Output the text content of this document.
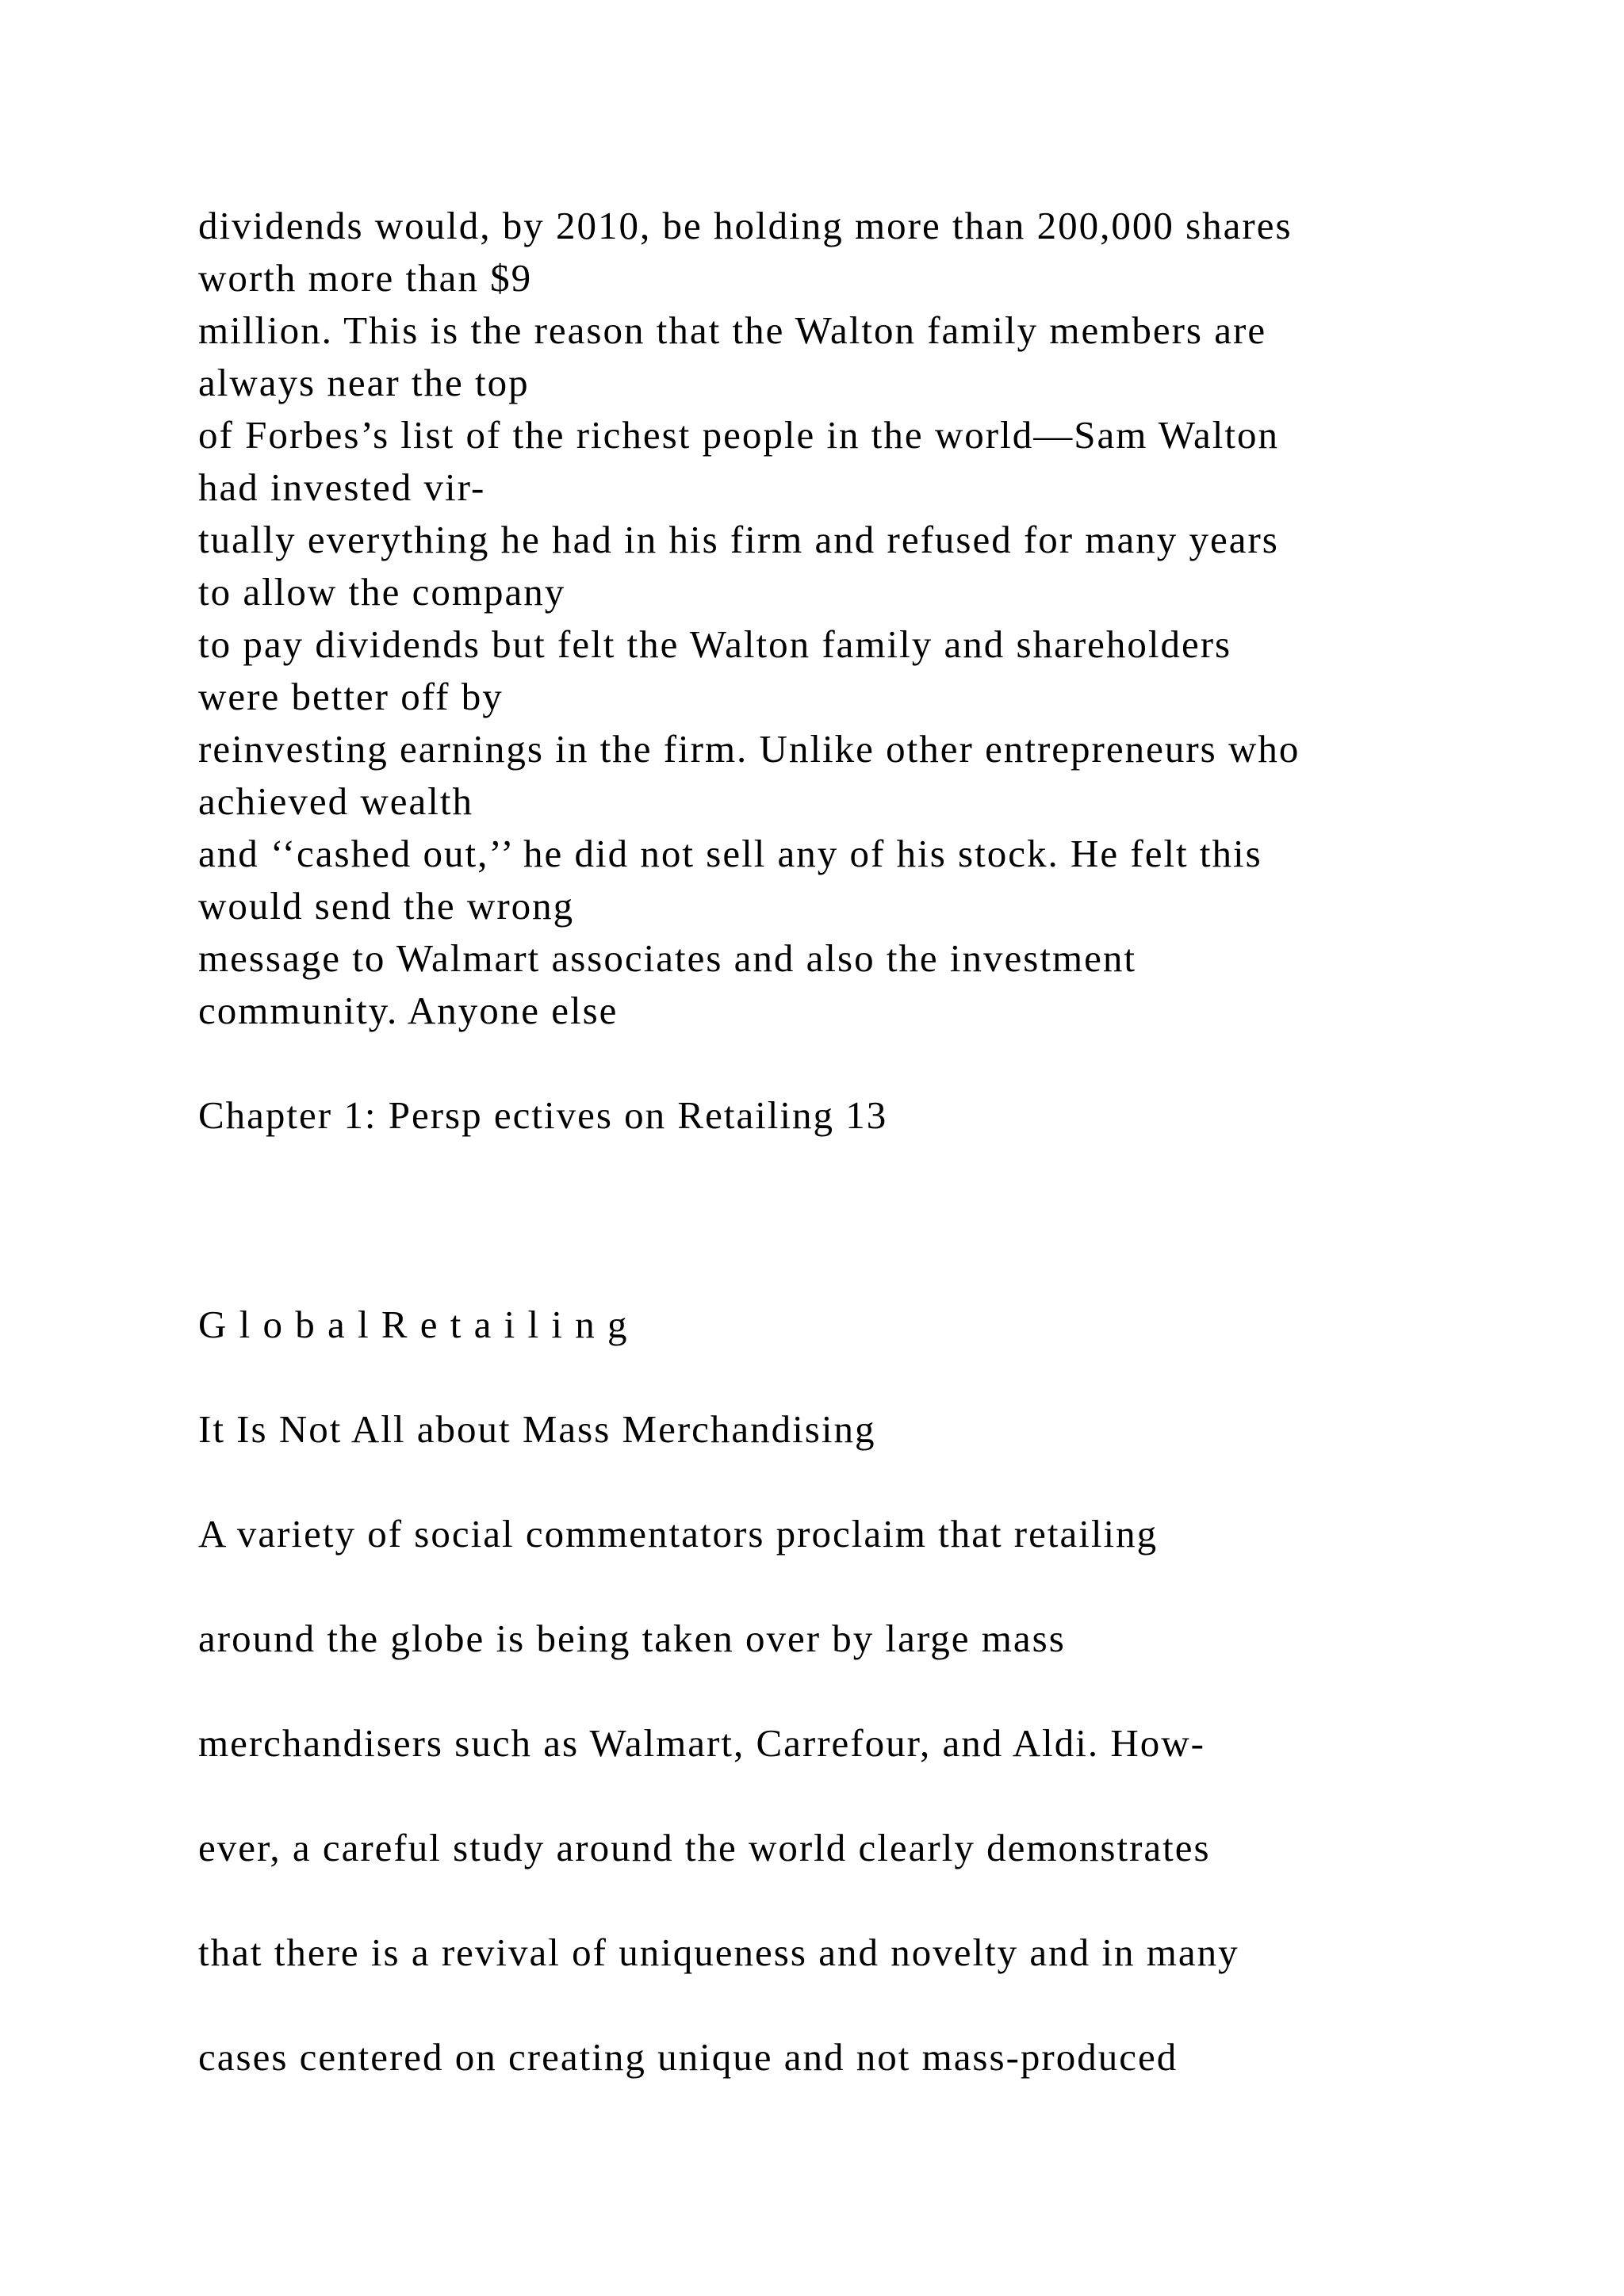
dividends would, by 2010, be holding more than 200,000 shares
worth more than $9
million. This is the reason that the Walton family members are
always near the top
of Forbes’s list of the richest people in the world—Sam Walton
had invested vir-
tually everything he had in his firm and refused for many years
to allow the company
to pay dividends but felt the Walton family and shareholders
were better off by
reinvesting earnings in the firm. Unlike other entrepreneurs who
achieved wealth
and ‘‘cashed out,’’ he did not sell any of his stock. He felt this
would send the wrong
message to Walmart associates and also the investment
community. Anyone else
Chapter 1: Persp ectives on Retailing 13
G l o b a l R e t a i l i n g
It Is Not All about Mass Merchandising
A variety of social commentators proclaim that retailing
around the globe is being taken over by large mass
merchandisers such as Walmart, Carrefour, and Aldi. How-
ever, a careful study around the world clearly demonstrates
that there is a revival of uniqueness and novelty and in many
cases centered on creating unique and not mass-produced
